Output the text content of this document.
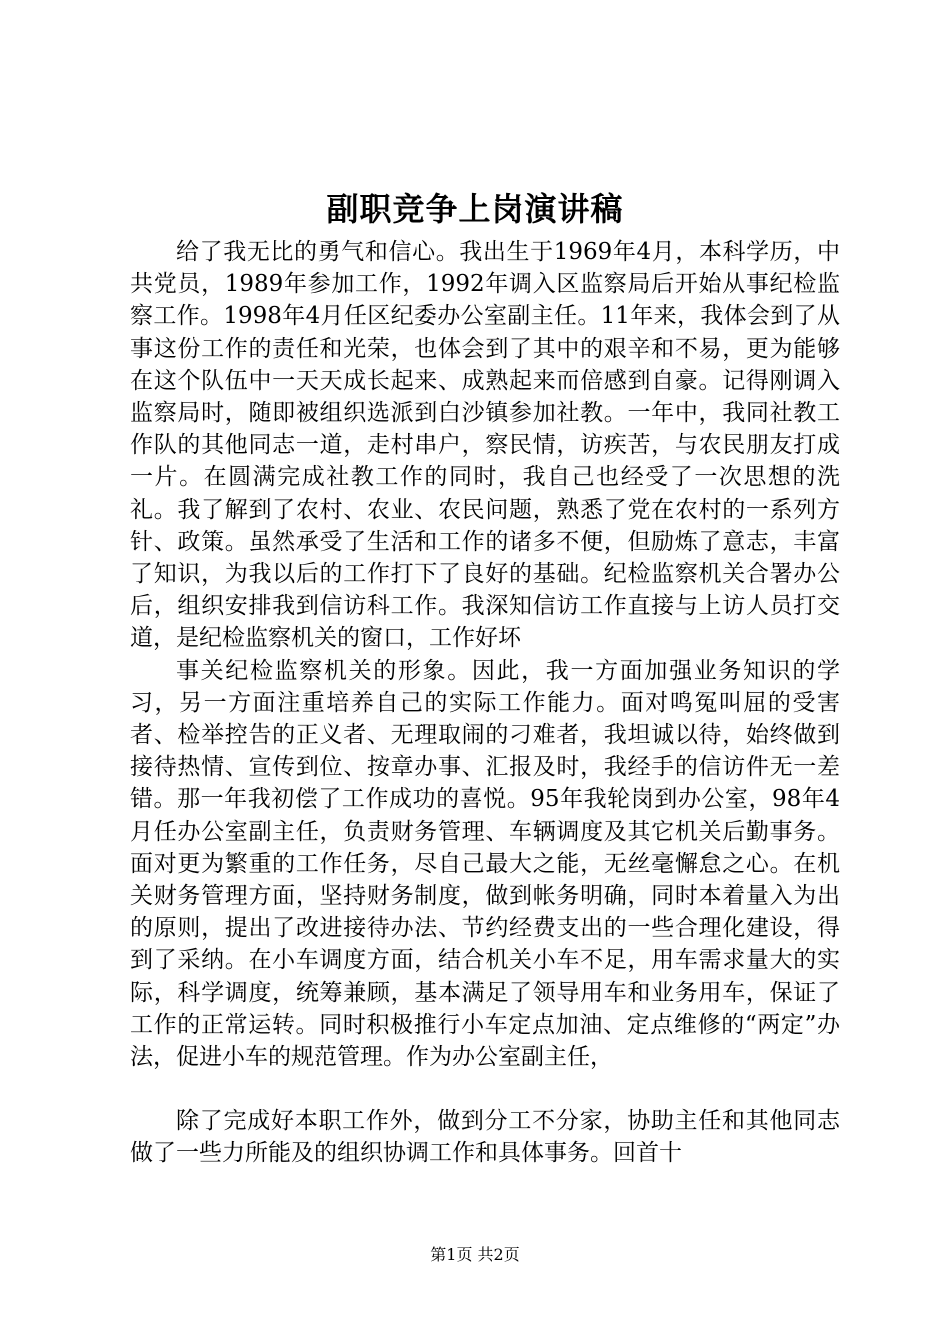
副职竞争上岗演讲稿

给了我无比的勇气和信心。我出生于1969年4月，本科学历，中共党员，1989年参加工作，1992年调入区监察局后开始从事纪检监察工作。1998年4月任区纪委办公室副主任。11年来，我体会到了从事这份工作的责任和光荣，也体会到了其中的艰辛和不易，更为能够在这个队伍中一天天成长起来、成熟起来而倍感到自豪。记得刚调入监察局时，随即被组织选派到白沙镇参加社教。一年中，我同社教工作队的其他同志一道，走村串户，察民情，访疾苦，与农民朋友打成一片。在圆满完成社教工作的同时，我自己也经受了一次思想的洗礼。我了解到了农村、农业、农民问题，熟悉了党在农村的一系列方针、政策。虽然承受了生活和工作的诸多不便，但励炼了意志，丰富了知识，为我以后的工作打下了良好的基础。纪检监察机关合署办公后，组织安排我到信访科工作。我深知信访工作直接与上访人员打交道，是纪检监察机关的窗口，工作好坏

事关纪检监察机关的形象。因此，我一方面加强业务知识的学习，另一方面注重培养自己的实际工作能力。面对鸣冤叫屈的受害者、检举控告的正义者、无理取闹的刁难者，我坦诚以待，始终做到接待热情、宣传到位、按章办事、汇报及时，我经手的信访件无一差错。那一年我初偿了工作成功的喜悦。95年我轮岗到办公室，98年4月任办公室副主任，负责财务管理、车辆调度及其它机关后勤事务。面对更为繁重的工作任务，尽自己最大之能，无丝毫懈怠之心。在机关财务管理方面，坚持财务制度，做到帐务明确，同时本着量入为出的原则，提出了改进接待办法、节约经费支出的一些合理化建设，得到了采纳。在小车调度方面，结合机关小车不足，用车需求量大的实际，科学调度，统筹兼顾，基本满足了领导用车和业务用车，保证了工作的正常运转。同时积极推行小车定点加油、定点维修的“两定”办法，促进小车的规范管理。作为办公室副主任，

除了完成好本职工作外，做到分工不分家，协助主任和其他同志做了一些力所能及的组织协调工作和具体事务。回首十

第1页 共2页
